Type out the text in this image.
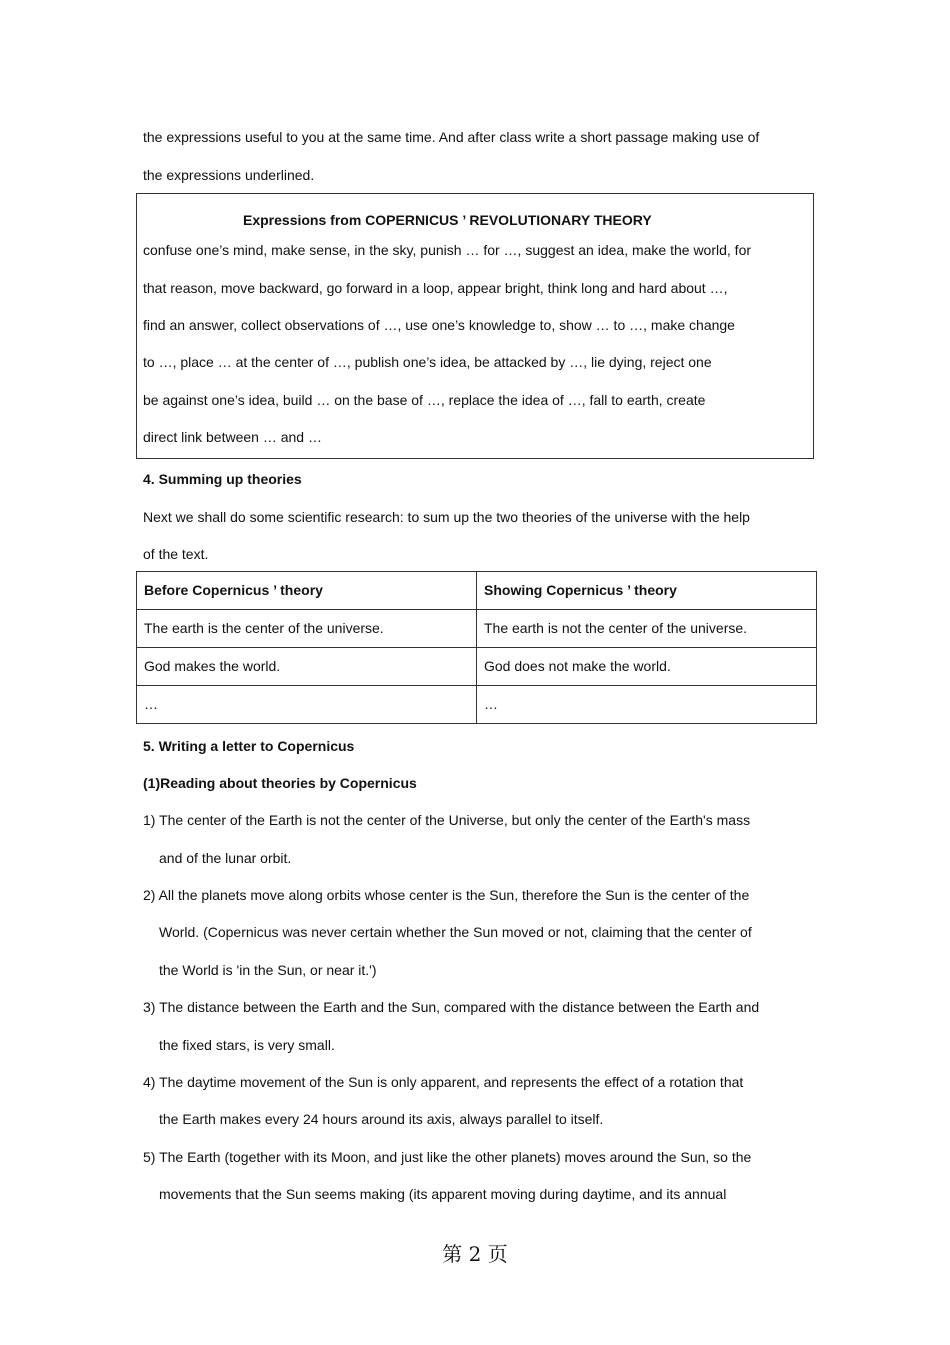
the expressions useful to you at the same time. And after class write a short passage making use of
the expressions underlined.
Expressions from COPERNICUS ’ REVOLUTIONARY THEORY
confuse one’s mind, make sense, in the sky, punish … for …, suggest an idea, make the world, for
that reason, move backward, go forward in a loop, appear bright, think long and hard about …,
find an answer, collect observations of …, use one’s knowledge to, show … to …, make change
to …, place … at the center of …, publish one’s idea, be attacked by …, lie dying, reject one
be against one’s idea, build … on the base of …, replace the idea of …, fall to earth, create
direct link between … and …
4. Summing up theories
Next we shall do some scientific research: to sum up the two theories of the universe with the help
of the text.
Before Copernicus ’ theory	Showing Copernicus ’ theory
The earth is the center of the universe.	The earth is not the center of the universe.
God makes the world.	God does not make the world.
…	…
5. Writing a letter to Copernicus
(1)Reading about theories by Copernicus
1) The center of the Earth is not the center of the Universe, but only the center of the Earth's mass
and of the lunar orbit.
2) All the planets move along orbits whose center is the Sun, therefore the Sun is the center of the
World. (Copernicus was never certain whether the Sun moved or not, claiming that the center of
the World is 'in the Sun, or near it.')
3) The distance between the Earth and the Sun, compared with the distance between the Earth and
the fixed stars, is very small.
4) The daytime movement of the Sun is only apparent, and represents the effect of a rotation that
the Earth makes every 24 hours around its axis, always parallel to itself.
5) The Earth (together with its Moon, and just like the other planets) moves around the Sun, so the
movements that the Sun seems making (its apparent moving during daytime, and its annual
第 2 页
